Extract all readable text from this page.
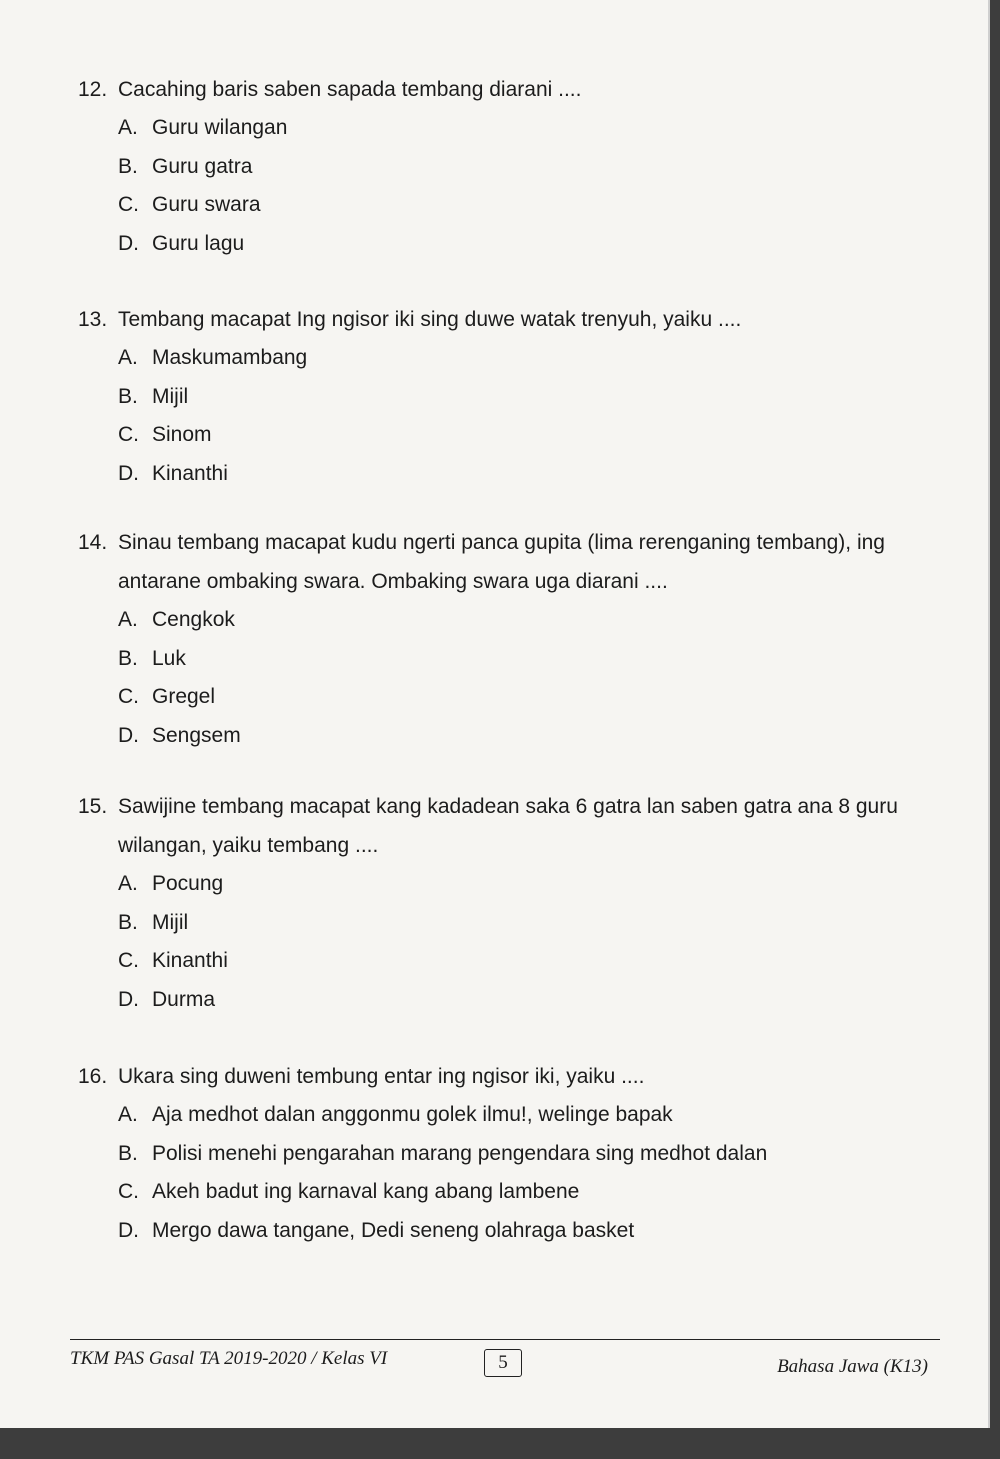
12. Cacahing baris saben sapada tembang diarani ....

A. Guru wilangan

B. Guru gatra

C. Guru swara

D. Guru lagu

13. Tembang macapat Ing ngisor iki sing duwe watak trenyuh, yaiku ....

A. Maskumambang

B. Mijil

C. Sinom

D. Kinanthi

14. Sinau tembang macapat kudu ngerti panca gupita (lima rerenganing tembang), ing antarane ombaking swara. Ombaking swara uga diarani ....

A. Cengkok

B. Luk

C. Gregel

D. Sengsem

15. Sawijine tembang macapat kang kadadean saka 6 gatra lan saben gatra ana 8 guru wilangan, yaiku tembang ....

A. Pocung

B. Mijil

C. Kinanthi

D. Durma

16. Ukara sing duweni tembung entar ing ngisor iki, yaiku ....

A. Aja medhot dalan anggonmu golek ilmu!, welinge bapak

B. Polisi menehi pengarahan marang pengendara sing medhot dalan

C. Akeh badut ing karnaval kang abang lambene

D. Mergo dawa tangane, Dedi seneng olahraga basket

TKM PAS Gasal TA 2019-2020 / Kelas VI	5	Bahasa Jawa (K13)
